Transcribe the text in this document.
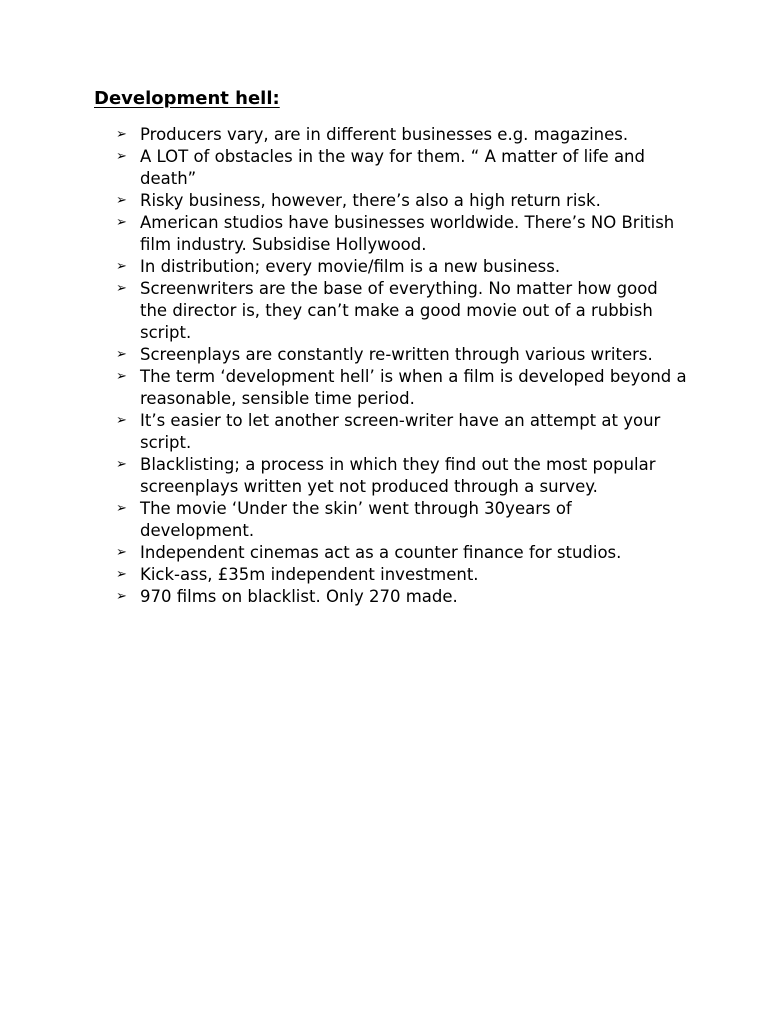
Development hell:
➢ Producers vary, are in different businesses e.g. magazines.
➢ A LOT of obstacles in the way for them. “ A matter of life and death”
➢ Risky business, however, there’s also a high return risk.
➢ American studios have businesses worldwide. There’s NO British film industry. Subsidise Hollywood.
➢ In distribution; every movie/film is a new business.
➢ Screenwriters are the base of everything. No matter how good the director is, they can’t make a good movie out of a rubbish script.
➢ Screenplays are constantly re-written through various writers.
➢ The term ‘development hell’ is when a film is developed beyond a reasonable, sensible time period.
➢ It’s easier to let another screen-writer have an attempt at your script.
➢ Blacklisting; a process in which they find out the most popular screenplays written yet not produced through a survey.
➢ The movie ‘Under the skin’ went through 30years of development.
➢ Independent cinemas act as a counter finance for studios.
➢ Kick-ass, £35m independent investment.
➢ 970 films on blacklist. Only 270 made.
